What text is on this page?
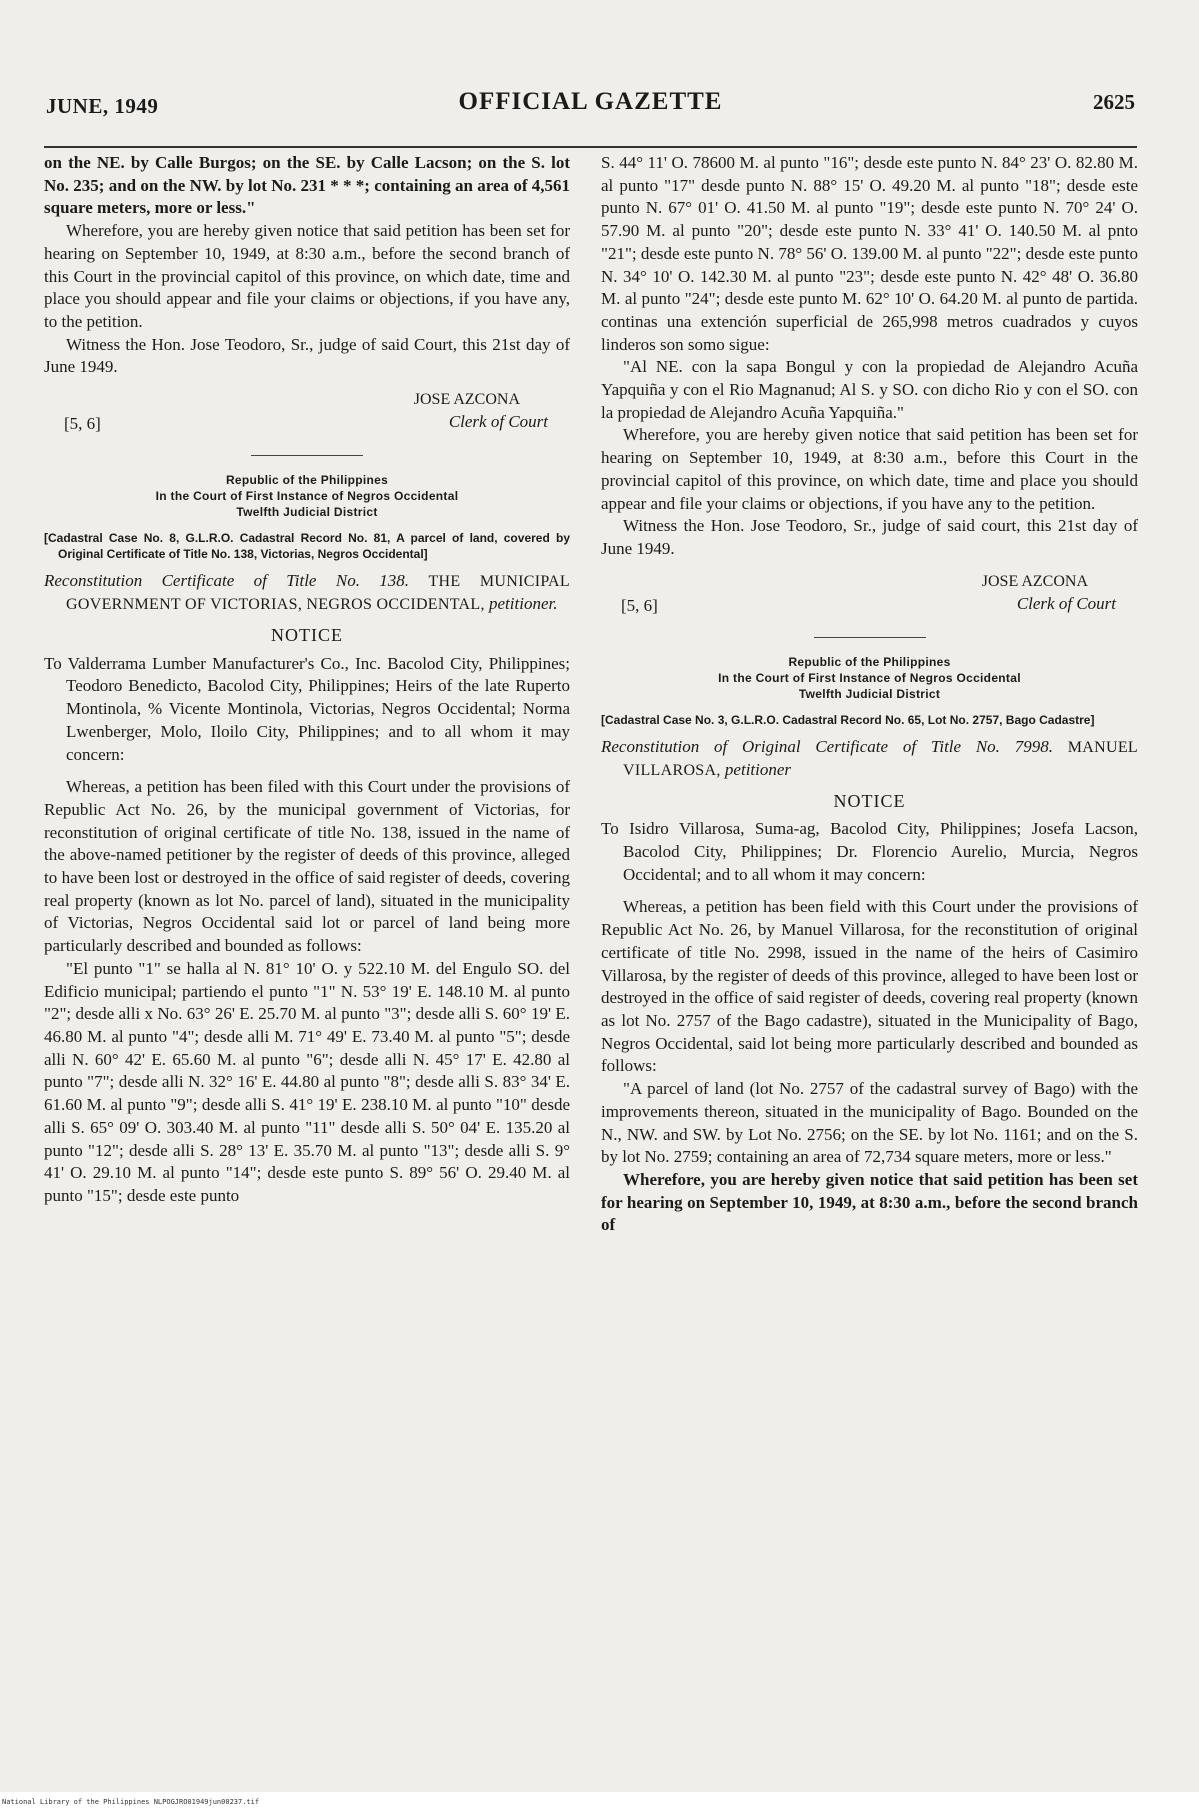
JUNE, 1949	OFFICIAL GAZETTE	2625

on the NE. by Calle Burgos; on the SE. by Calle Lacson; on the S. lot No. 235; and on the NW. by lot No. 231 * * *; containing an area of 4,561 square meters, more or less."

Wherefore, you are hereby given notice that said petition has been set for hearing on September 10, 1949, at 8:30 a.m., before the second branch of this Court in the provincial capitol of this province, on which date, time and place you should appear and file your claims or objections, if you have any, to the petition.

Witness the Hon. Jose Teodoro, Sr., judge of said Court, this 21st day of June 1949.

JOSE AZCONA
Clerk of Court
[5, 6]
Republic of the Philippines
In the Court of First Instance of Negros Occidental
Twelfth Judicial District
[Cadastral Case No. 8, G.L.R.O. Cadastral Record No. 81, A parcel of land, covered by Original Certificate of Title No. 138, Victorias, Negros Occidental]
Reconstitution Certificate of Title No. 138. THE MUNICIPAL GOVERNMENT OF VICTORIAS, NEGROS OCCIDENTAL, petitioner.
NOTICE
To Valderrama Lumber Manufacturer's Co., Inc. Bacolod City, Philippines; Teodoro Benedicto, Bacolod City, Philippines; Heirs of the late Ruperto Montinola, % Vicente Montinola, Victorias, Negros Occidental; Norma Lwenberger, Molo, Iloilo City, Philippines; and to all whom it may concern:

Whereas, a petition has been filed with this Court under the provisions of Republic Act No. 26, by the municipal government of Victorias, for reconstitution of original certificate of title No. 138, issued in the name of the above-named petitioner by the register of deeds of this province, alleged to have been lost or destroyed in the office of said register of deeds, covering real property (known as lot No. parcel of land), situated in the municipality of Victorias, Negros Occidental said lot or parcel of land being more particularly described and bounded as follows:

"El punto "1" se halla al N. 81° 10' O. y 522.10 M. del Engulo SO. del Edificio municipal; partiendo el punto "1" N. 53° 19' E. 148.10 M. al punto "2"; desde alli x No. 63° 26' E. 25.70 M. al punto "3"; desde alli S. 60° 19' E. 46.80 M. al punto "4"; desde alli M. 71° 49' E. 73.40 M. al punto "5"; desde alli N. 60° 42' E. 65.60 M. al punto "6"; desde alli N. 45° 17' E. 42.80 al punto "7"; desde alli N. 32° 16' E. 44.80 al punto "8"; desde alli S. 83° 34' E. 61.60 M. al punto "9"; desde alli S. 41° 19' E. 238.10 M. al punto "10" desde alli S. 65° 09' O. 303.40 M. al punto "11" desde alli S. 50° 04' E. 135.20 al punto "12"; desde alli S. 28° 13' E. 35.70 M. al punto "13"; desde alli S. 9° 41' O. 29.10 M. al punto "14"; desde este punto S. 89° 56' O. 29.40 M. al punto "15"; desde este punto

S. 44° 11' O. 78600 M. al punto "16"; desde este punto N. 84° 23' O. 82.80 M. al punto "17" desde punto N. 88° 15' O. 49.20 M. al punto "18"; desde este punto N. 67° 01' O. 41.50 M. al punto "19"; desde este punto N. 70° 24' O. 57.90 M. al punto "20"; desde este punto N. 33° 41' O. 140.50 M. al pnto "21"; desde este punto N. 78° 56' O. 139.00 M. al punto "22"; desde este punto N. 34° 10' O. 142.30 M. al punto "23"; desde este punto N. 42° 48' O. 36.80 M. al punto "24"; desde este punto M. 62° 10' O. 64.20 M. al punto de partida. continas una extención superficial de 265,998 metros cuadrados y cuyos linderos son somo sigue:

"Al NE. con la sapa Bongul y con la propiedad de Alejandro Acuña Yapquiña y con el Rio Magnanud; Al S. y SO. con dicho Rio y con el SO. con la propiedad de Alejandro Acuña Yapquiña."

Wherefore, you are hereby given notice that said petition has been set for hearing on September 10, 1949, at 8:30 a.m., before this Court in the provincial capitol of this province, on which date, time and place you should appear and file your claims or objections, if you have any to the petition.

Witness the Hon. Jose Teodoro, Sr., judge of said court, this 21st day of June 1949.

JOSE AZCONA
Clerk of Court
[5, 6]
Republic of the Philippines
In the Court of First Instance of Negros Occidental
Twelfth Judicial District
[Cadastral Case No. 3, G.L.R.O. Cadastral Record No. 65, Lot No. 2757, Bago Cadastre]
Reconstitution of Original Certificate of Title No. 7998. MANUEL VILLAROSA, petitioner
NOTICE
To Isidro Villarosa, Suma-ag, Bacolod City, Philippines; Josefa Lacson, Bacolod City, Philippines; Dr. Florencio Aurelio, Murcia, Negros Occidental; and to all whom it may concern:

Whereas, a petition has been field with this Court under the provisions of Republic Act No. 26, by Manuel Villarosa, for the reconstitution of original certificate of title No. 2998, issued in the name of the heirs of Casimiro Villarosa, by the register of deeds of this province, alleged to have been lost or destroyed in the office of said register of deeds, covering real property (known as lot No. 2757 of the Bago cadastre), situated in the Municipality of Bago, Negros Occidental, said lot being more particularly described and bounded as follows:

"A parcel of land (lot No. 2757 of the cadastral survey of Bago) with the improvements thereon, situated in the municipality of Bago. Bounded on the N., NW. and SW. by Lot No. 2756; on the SE. by lot No. 1161; and on the S. by lot No. 2759; containing an area of 72,734 square meters, more or less."

Wherefore, you are hereby given notice that said petition has been set for hearing on September 10, 1949, at 8:30 a.m., before the second branch of

National Library of the Philippines NLPOGJRO01949jun00237.tif
